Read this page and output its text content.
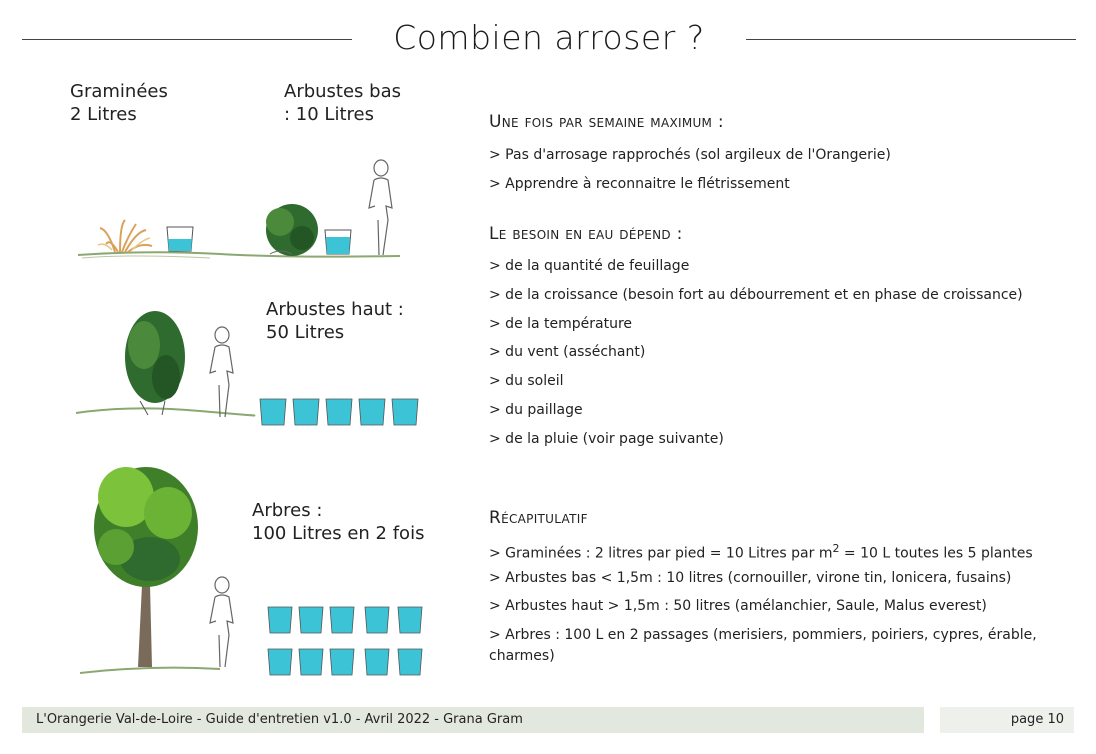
Combien arroser ?
Graminées
2 Litres
Arbustes bas
: 10 Litres
Arbustes haut :
50 Litres
Arbres :
100 Litres en 2 fois
Une fois par semaine maximum :
> Pas d'arrosage rapprochés (sol argileux de l'Orangerie)
> Apprendre à reconnaitre le flétrissement
Le besoin en eau dépend :
> de la quantité de feuillage
> de la croissance (besoin fort au débourrement et en phase de croissance)
> de la température
> du vent (asséchant)
> du soleil
> du paillage
> de la pluie (voir page suivante)
Récapitulatif
> Graminées : 2 litres par pied = 10 Litres par $m^2 = 10$ L toutes les 5 plantes
> Arbustes bas < 1,5m : 10 litres (cornouiller, virone tin, lonicera, fusains)
> Arbustes haut > 1,5m : 50 litres (amélanchier, Saule, Malus everest)
> Arbres : 100 L en 2 passages (merisiers, pommiers, poiriers, cypres, érable, charmes)
L'Orangerie Val-de-Loire - Guide d'entretien v1.0 - Avril 2022 - Grana Gram	page 10
